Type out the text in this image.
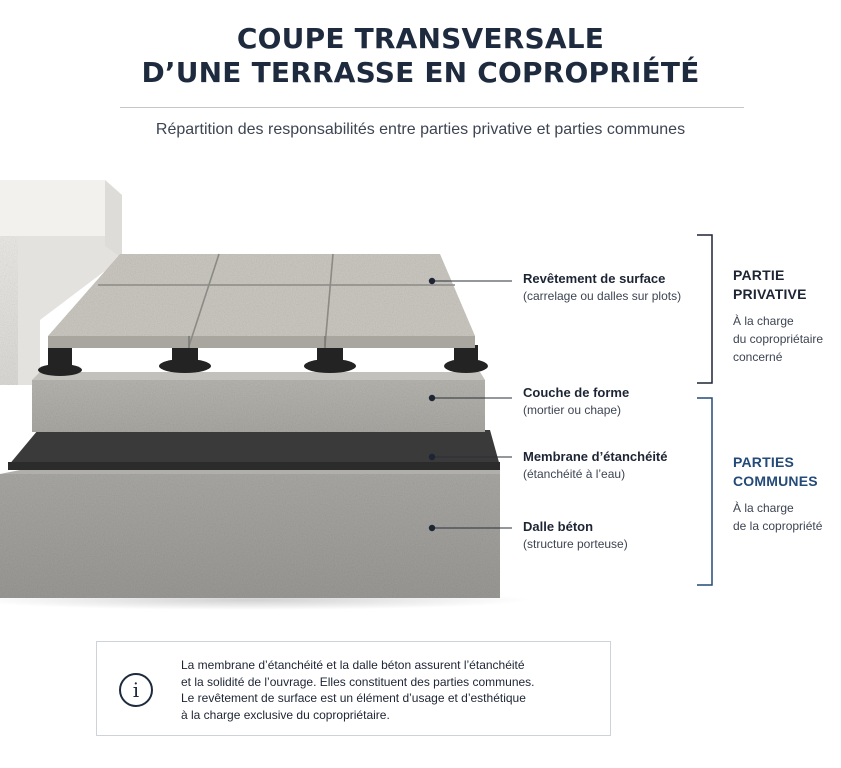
COUPE TRANSVERSALE
D’UNE TERRASSE EN COPROPRIÉTÉ
Répartition des responsabilités entre parties privative et parties communes
Revêtement de surface
(carrelage ou dalles sur plots)
Couche de forme
(mortier ou chape)
Membrane d’étanchéité
(étanchéité à l’eau)
Dalle béton
(structure porteuse)
PARTIE
PRIVATIVE
À la charge
du copropriétaire
concerné
PARTIES
COMMUNES
À la charge
de la copropriété
i
La membrane d’étanchéité et la dalle béton assurent l’étanchéité
et la solidité de l’ouvrage. Elles constituent des parties communes.
Le revêtement de surface est un élément d’usage et d’esthétique
à la charge exclusive du copropriétaire.
